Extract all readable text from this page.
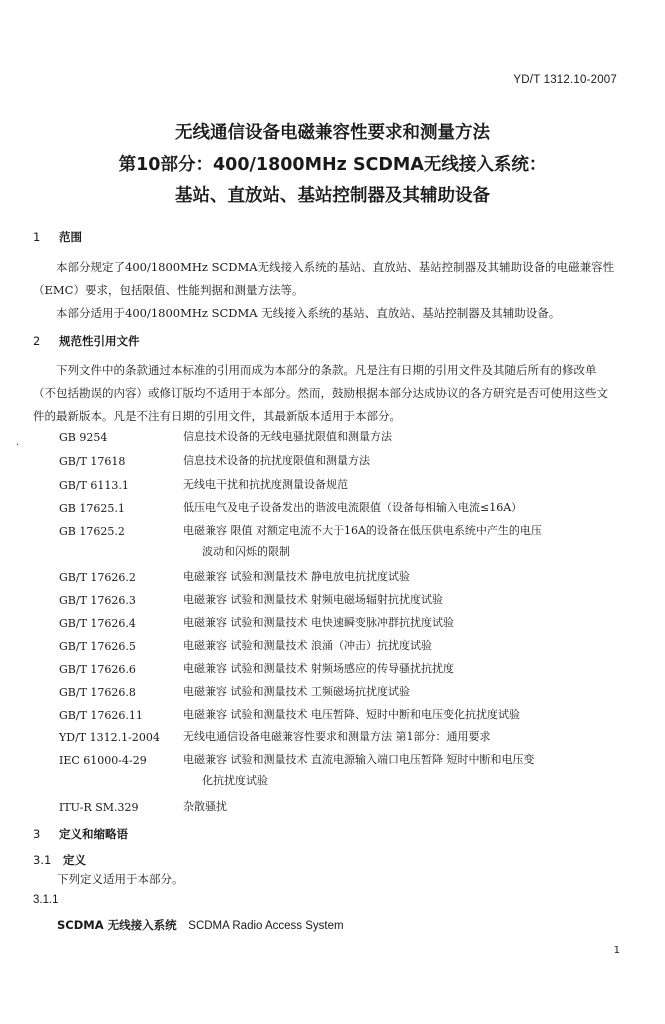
YD/T 1312.10-2007
无线通信设备电磁兼容性要求和测量方法
第10部分：400/1800MHz SCDMA无线接入系统：
基站、直放站、基站控制器及其辅助设备
1 范围
本部分规定了400/1800MHz SCDMA无线接入系统的基站、直放站、基站控制器及其辅助设备的电磁兼容性（EMC）要求，包括限值、性能判据和测量方法等。
本部分适用于400/1800MHz SCDMA 无线接入系统的基站、直放站、基站控制器及其辅助设备。
2 规范性引用文件
下列文件中的条款通过本标准的引用而成为本部分的条款。凡是注有日期的引用文件及其随后所有的修改单（不包括勘误的内容）或修订版均不适用于本部分。然而，鼓励根据本部分达成协议的各方研究是否可使用这些文件的最新版本。凡是不注有日期的引用文件，其最新版本适用于本部分。
·
GB 9254	信息技术设备的无线电骚扰限值和测量方法
GB/T 17618	信息技术设备的抗扰度限值和测量方法
GB/T 6113.1	无线电干扰和抗扰度测量设备规范
GB 17625.1	低压电气及电子设备发出的谐波电流限值（设备每相输入电流≤16A）
GB 17625.2	电磁兼容 限值 对额定电流不大于16A的设备在低压供电系统中产生的电压
波动和闪烁的限制
GB/T 17626.2	电磁兼容 试验和测量技术 静电放电抗扰度试验
GB/T 17626.3	电磁兼容 试验和测量技术 射频电磁场辐射抗扰度试验
GB/T 17626.4	电磁兼容 试验和测量技术 电快速瞬变脉冲群抗扰度试验
GB/T 17626.5	电磁兼容 试验和测量技术 浪涌（冲击）抗扰度试验
GB/T 17626.6	电磁兼容 试验和测量技术 射频场感应的传导骚扰抗扰度
GB/T 17626.8	电磁兼容 试验和测量技术 工频磁场抗扰度试验
GB/T 17626.11	电磁兼容 试验和测量技术 电压暂降、短时中断和电压变化抗扰度试验
YD/T 1312.1-2004	无线电通信设备电磁兼容性要求和测量方法 第1部分：通用要求
IEC 61000-4-29	电磁兼容 试验和测量技术 直流电源输入端口电压暂降 短时中断和电压变
化抗扰度试验
ITU-R SM.329	杂散骚扰
3 定义和缩略语
3.1 定义
下列定义适用于本部分。
3.1.1
SCDMA 无线接入系统 SCDMA Radio Access System
1
